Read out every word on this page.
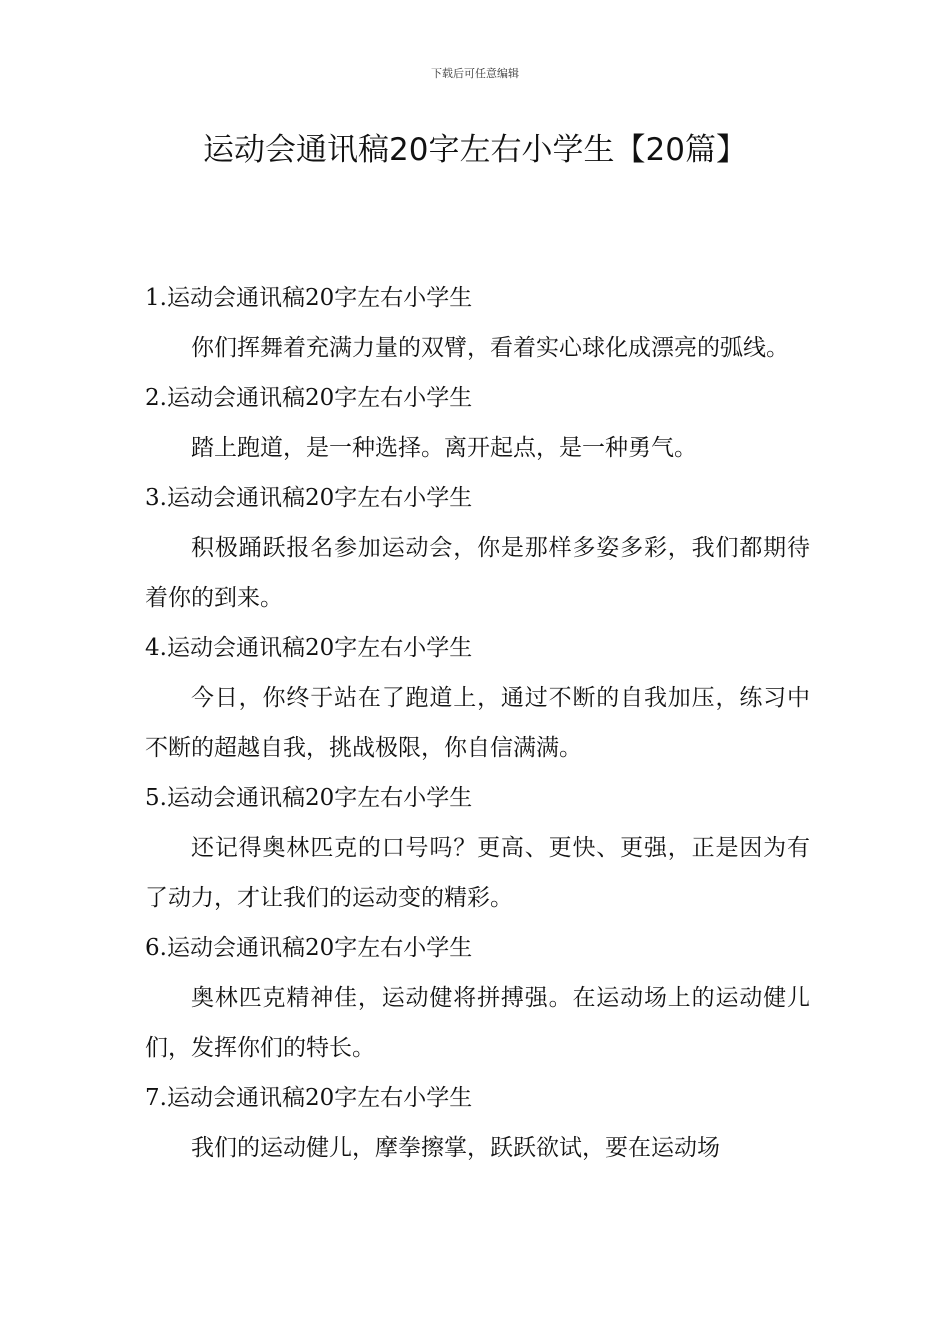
下载后可任意编辑
运动会通讯稿20字左右小学生【20篇】

1.运动会通讯稿20字左右小学生

你们挥舞着充满力量的双臂，看着实心球化成漂亮的弧线。

2.运动会通讯稿20字左右小学生

踏上跑道，是一种选择。离开起点，是一种勇气。

3.运动会通讯稿20字左右小学生

积极踊跃报名参加运动会，你是那样多姿多彩，我们都期待着你的到来。

4.运动会通讯稿20字左右小学生

今日，你终于站在了跑道上，通过不断的自我加压，练习中不断的超越自我，挑战极限，你自信满满。

5.运动会通讯稿20字左右小学生

还记得奥林匹克的口号吗？更高、更快、更强，正是因为有了动力，才让我们的运动变的精彩。

6.运动会通讯稿20字左右小学生

奥林匹克精神佳，运动健将拼搏强。在运动场上的运动健儿们，发挥你们的特长。

7.运动会通讯稿20字左右小学生

我们的运动健儿，摩拳擦掌，跃跃欲试，要在运动场
